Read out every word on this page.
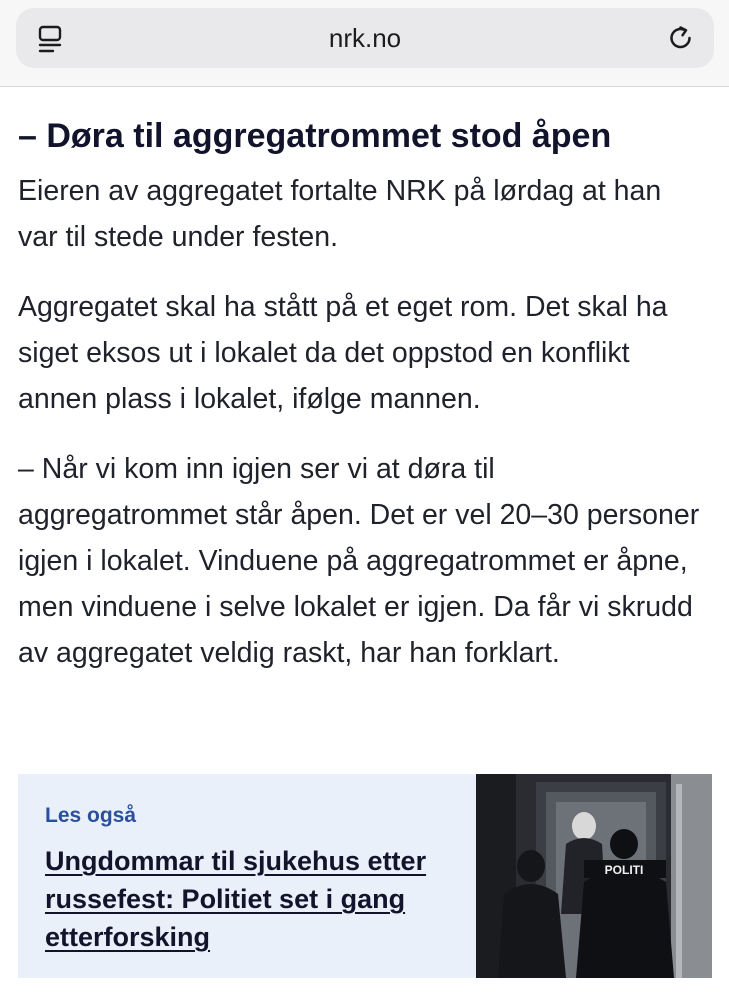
nrk.no
– Døra til aggregatrommet stod åpen

Eieren av aggregatet fortalte NRK på lørdag at han var til stede under festen.

Aggregatet skal ha stått på et eget rom. Det skal ha siget eksos ut i lokalet da det oppstod en konflikt annen plass i lokalet, ifølge mannen.

– Når vi kom inn igjen ser vi at døra til aggregatrommet står åpen. Det er vel 20–30 personer igjen i lokalet. Vinduene på aggregatrommet er åpne, men vinduene i selve lokalet er igjen. Da får vi skrudd av aggregatet veldig raskt, har han forklart.

Les også
Ungdommar til sjukehus etter russefest: Politiet set i gang etterforsking
POLITI
